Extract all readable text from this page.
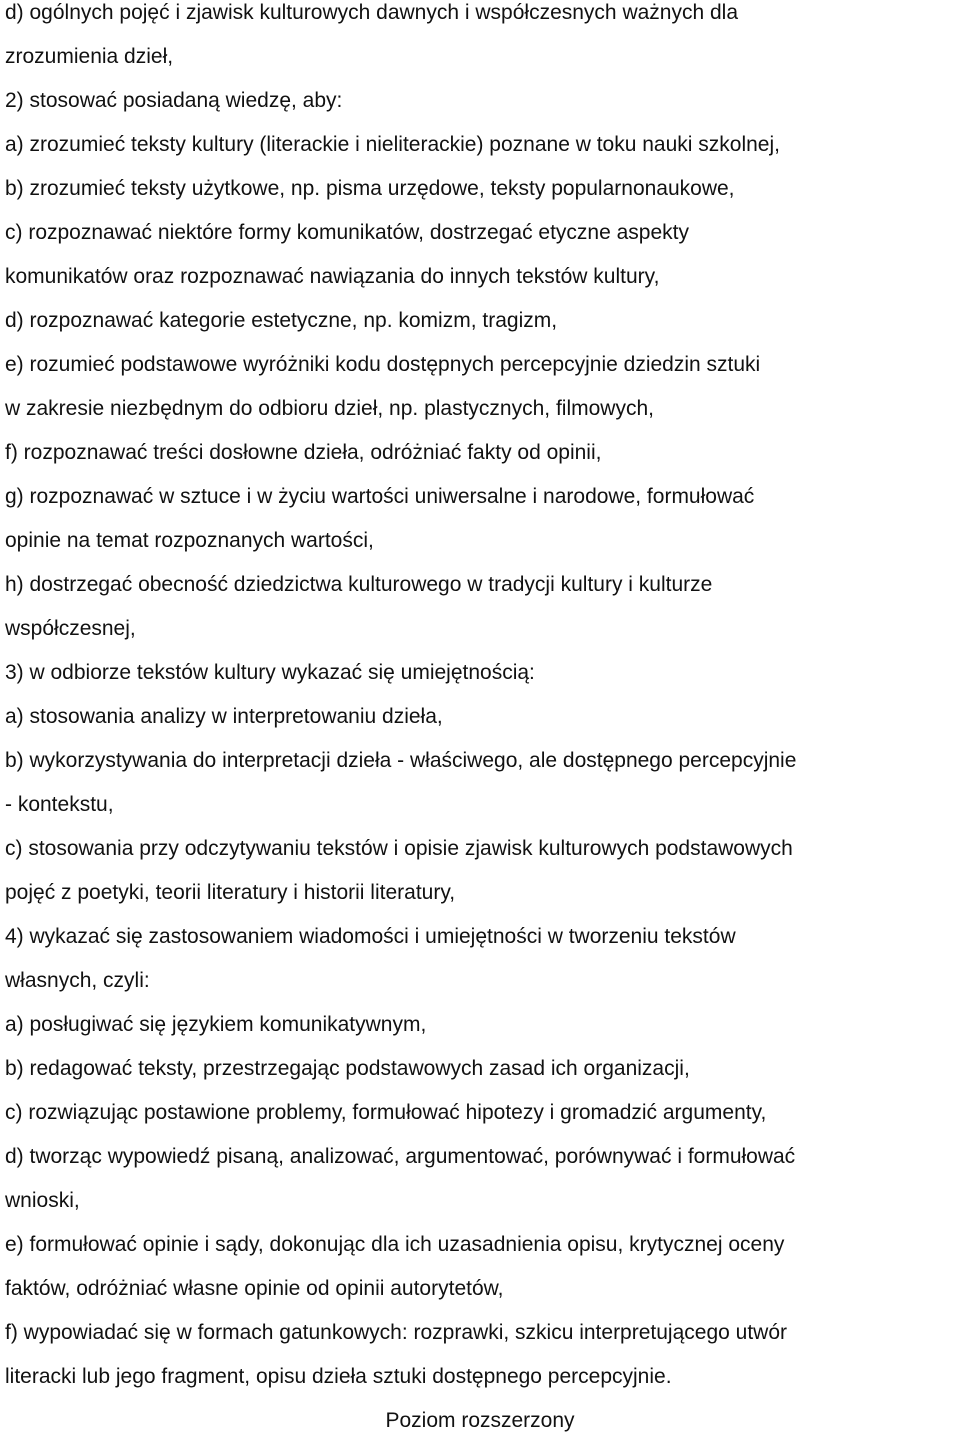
d) ogólnych pojęć i zjawisk kulturowych dawnych i współczesnych ważnych dla

zrozumienia dzieł,

2) stosować posiadaną wiedzę, aby:

a) zrozumieć teksty kultury (literackie i nieliterackie) poznane w toku nauki szkolnej,

b) zrozumieć teksty użytkowe, np. pisma urzędowe, teksty popularnonaukowe,

c) rozpoznawać niektóre formy komunikatów, dostrzegać etyczne aspekty

komunikatów oraz rozpoznawać nawiązania do innych tekstów kultury,

d) rozpoznawać kategorie estetyczne, np. komizm, tragizm,

e) rozumieć podstawowe wyróżniki kodu dostępnych percepcyjnie dziedzin sztuki

w zakresie niezbędnym do odbioru dzieł, np. plastycznych, filmowych,

f) rozpoznawać treści dosłowne dzieła, odróżniać fakty od opinii,

g) rozpoznawać w sztuce i w życiu wartości uniwersalne i narodowe, formułować

opinie na temat rozpoznanych wartości,

h) dostrzegać obecność dziedzictwa kulturowego w tradycji kultury i kulturze

współczesnej,

3) w odbiorze tekstów kultury wykazać się umiejętnością:

a) stosowania analizy w interpretowaniu dzieła,

b) wykorzystywania do interpretacji dzieła - właściwego, ale dostępnego percepcyjnie

- kontekstu,

c) stosowania przy odczytywaniu tekstów i opisie zjawisk kulturowych podstawowych

pojęć z poetyki, teorii literatury i historii literatury,

4) wykazać się zastosowaniem wiadomości i umiejętności w tworzeniu tekstów

własnych, czyli:

a) posługiwać się językiem komunikatywnym,

b) redagować teksty, przestrzegając podstawowych zasad ich organizacji,

c) rozwiązując postawione problemy, formułować hipotezy i gromadzić argumenty,

d) tworząc wypowiedź pisaną, analizować, argumentować, porównywać i formułować

wnioski,

e) formułować opinie i sądy, dokonując dla ich uzasadnienia opisu, krytycznej oceny

faktów, odróżniać własne opinie od opinii autorytetów,

f) wypowiadać się w formach gatunkowych: rozprawki, szkicu interpretującego utwór

literacki lub jego fragment, opisu dzieła sztuki dostępnego percepcyjnie.

Poziom rozszerzony
